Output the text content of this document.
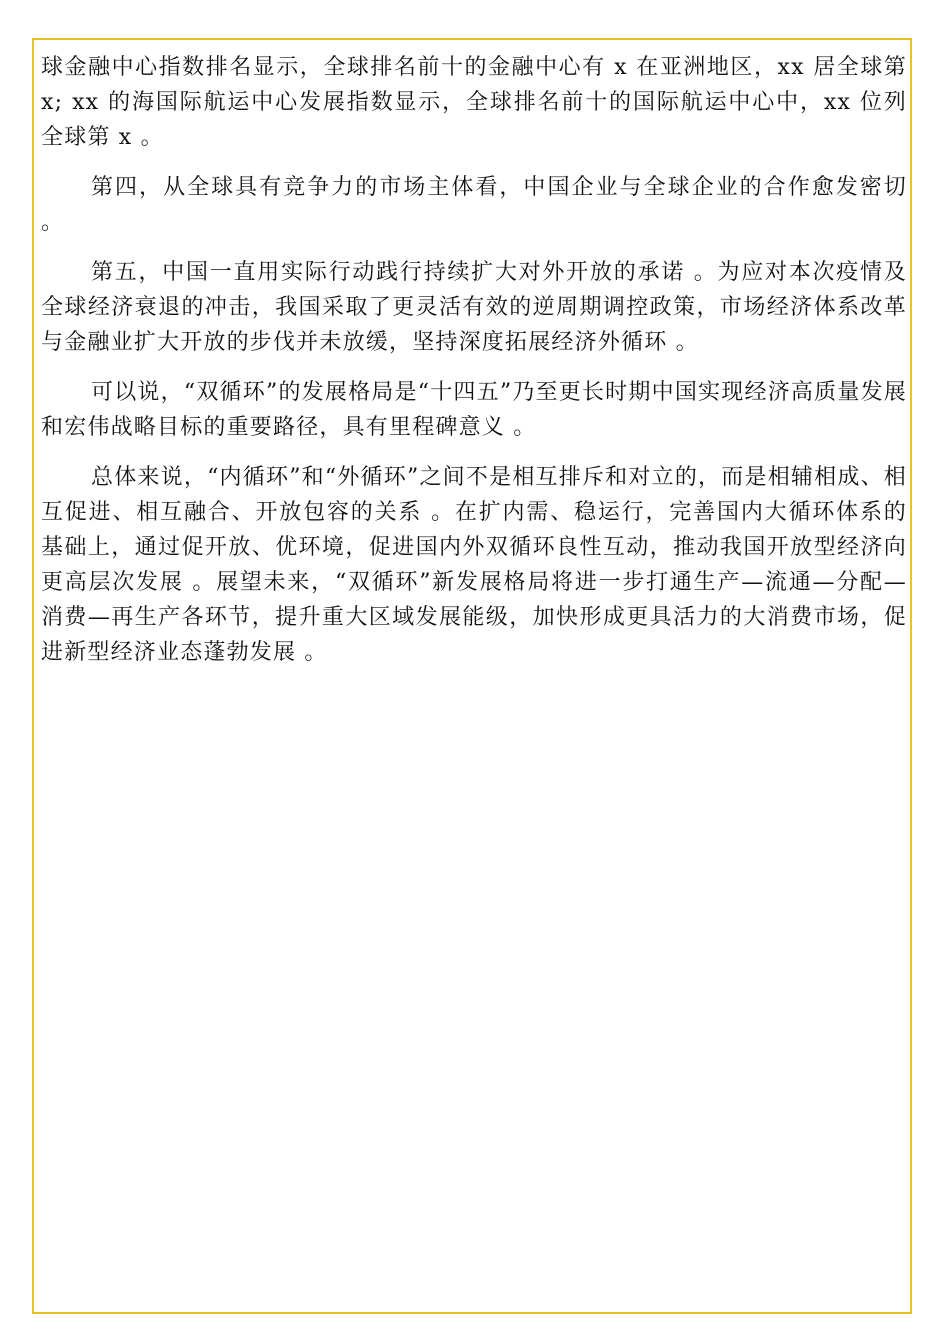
球金融中心指数排名显示，全球排名前十的金融中心有 x 在亚洲地区，xx 居全球第 x; xx 的海国际航运中心发展指数显示，全球排名前十的国际航运中心中，xx 位列全球第 x 。

第四，从全球具有竞争力的市场主体看，中国企业与全球企业的合作愈发密切 。

第五，中国一直用实际行动践行持续扩大对外开放的承诺 。为应对本次疫情及全球经济衰退的冲击，我国采取了更灵活有效的逆周期调控政策，市场经济体系改革与金融业扩大开放的步伐并未放缓，坚持深度拓展经济外循环 。

可以说，“双循环”的发展格局是“十四五”乃至更长时期中国实现经济高质量发展和宏伟战略目标的重要路径，具有里程碑意义 。

总体来说，“内循环”和“外循环”之间不是相互排斥和对立的，而是相辅相成、相互促进、相互融合、开放包容的关系 。在扩内需、稳运行，完善国内大循环体系的基础上，通过促开放、优环境，促进国内外双循环良性互动，推动我国开放型经济向更高层次发展 。展望未来，“双循环”新发展格局将进一步打通生产—流通—分配—消费—再生产各环节，提升重大区域发展能级，加快形成更具活力的大消费市场，促进新型经济业态蓬勃发展 。
